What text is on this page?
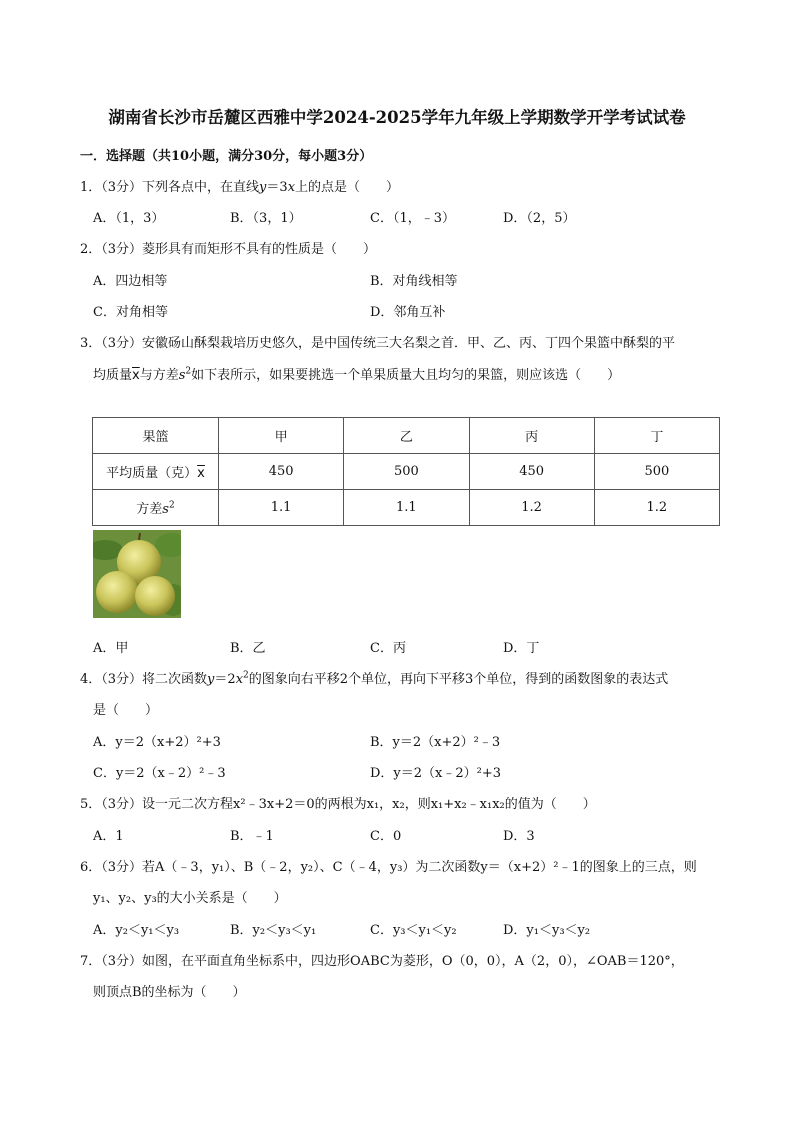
湖南省长沙市岳麓区西雅中学2024-2025学年九年级上学期数学开学考试试卷
一．选择题（共10小题，满分30分，每小题3分）
1．（3分）下列各点中，在直线y＝3x上的点是（　　）
A．（1，3）	B．（3，1）	C．（1，﹣3）	D．（2，5）
2．（3分）菱形具有而矩形不具有的性质是（　　）
A．四边相等	B．对角线相等
C．对角相等	D．邻角互补
3．（3分）安徽砀山酥梨栽培历史悠久，是中国传统三大名梨之首．甲、乙、丙、丁四个果篮中酥梨的平
均质量$\overline{x}$与方差$s^2$如下表所示，如果要挑选一个单果质量大且均匀的果篮，则应该选（　　）
果篮	甲	乙	丙	丁
平均质量（克）$\overline{x}$	450	500	450	500
方差$s^2$	1.1	1.1	1.2	1.2
A．甲	B．乙	C．丙	D．丁
4．（3分）将二次函数$y=2x^2$的图象向右平移2个单位，再向下平移3个单位，得到的函数图象的表达式
是（　　）
A．y＝2（x+2）²+3	B．y＝2（x+2）²﹣3
C．y＝2（x﹣2）²﹣3	D．y＝2（x﹣2）²+3
5．（3分）设一元二次方程x²﹣3x+2＝0的两根为x₁，x₂，则x₁+x₂﹣x₁x₂的值为（　　）
A．1	B．﹣1	C．0	D．3
6．（3分）若A（﹣3，y₁）、B（﹣2，y₂）、C（﹣4，y₃）为二次函数y＝（x+2）²﹣1的图象上的三点，则
y₁、y₂、y₃的大小关系是（　　）
A．y₂＜y₁＜y₃	B．y₂＜y₃＜y₁	C．y₃＜y₁＜y₂	D．y₁＜y₃＜y₂
7．（3分）如图，在平面直角坐标系中，四边形OABC为菱形，O（0，0），A（2，0），∠OAB＝120°，
则顶点B的坐标为（　　）
